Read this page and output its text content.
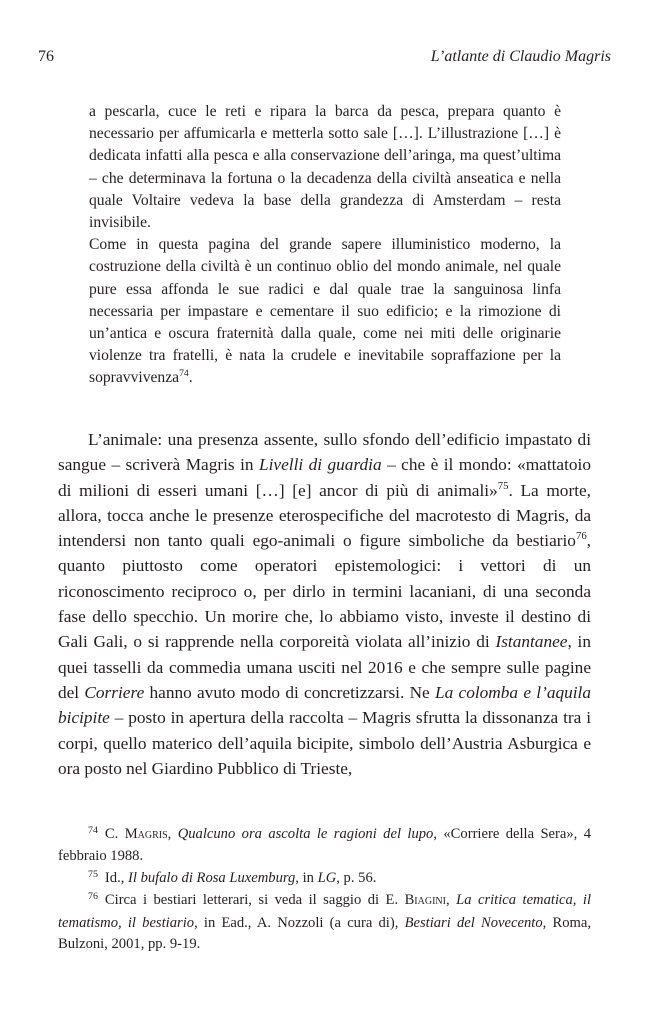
76	L’atlante di Claudio Magris

a pescarla, cuce le reti e ripara la barca da pesca, prepara quanto è necessario per affumicarla e metterla sotto sale […]. L’illustrazione […] è dedicata infatti alla pesca e alla conservazione dell’aringa, ma quest’ultima – che determinava la fortuna o la decadenza della civiltà anseatica e nella quale Voltaire vedeva la base della grandezza di Amsterdam – resta invisibile.

Come in questa pagina del grande sapere illuministico moderno, la costruzione della civiltà è un continuo oblio del mondo animale, nel quale pure essa affonda le sue radici e dal quale trae la sanguinosa linfa necessaria per impastare e cementare il suo edificio; e la rimozione di un’antica e oscura fraternità dalla quale, come nei miti delle originarie violenze tra fratelli, è nata la crudele e inevitabile sopraffazione per la sopravvivenza$^{74}$.

L’animale: una presenza assente, sullo sfondo dell’edificio impastato di sangue – scriverà Magris in Livelli di guardia – che è il mondo: «mattatoio di milioni di esseri umani […] [e] ancor di più di animali»$^{75}$. La morte, allora, tocca anche le presenze eterospecifiche del macrotesto di Magris, da intendersi non tanto quali ego-animali o figure simboliche da bestiario$^{76}$, quanto piuttosto come operatori epistemologici: i vettori di un riconoscimento reciproco o, per dirlo in termini lacaniani, di una seconda fase dello specchio. Un morire che, lo abbiamo visto, investe il destino di Gali Gali, o si rapprende nella corporeità violata all’inizio di Istantanee, in quei tasselli da commedia umana usciti nel 2016 e che sempre sulle pagine del Corriere hanno avuto modo di concretizzarsi. Ne La colomba e l’aquila bicipite – posto in apertura della raccolta – Magris sfrutta la dissonanza tra i corpi, quello materico dell’aquila bicipite, simbolo dell’Austria Asburgica e ora posto nel Giardino Pubblico di Trieste,

$^{74}$ C. Magris, Qualcuno ora ascolta le ragioni del lupo, «Corriere della Sera», 4 febbraio 1988.

$^{75}$ Id., Il bufalo di Rosa Luxemburg, in LG, p. 56.

$^{76}$ Circa i bestiari letterari, si veda il saggio di E. Biagini, La critica tematica, il tematismo, il bestiario, in Ead., A. Nozzoli (a cura di), Bestiari del Novecento, Roma, Bulzoni, 2001, pp. 9-19.
